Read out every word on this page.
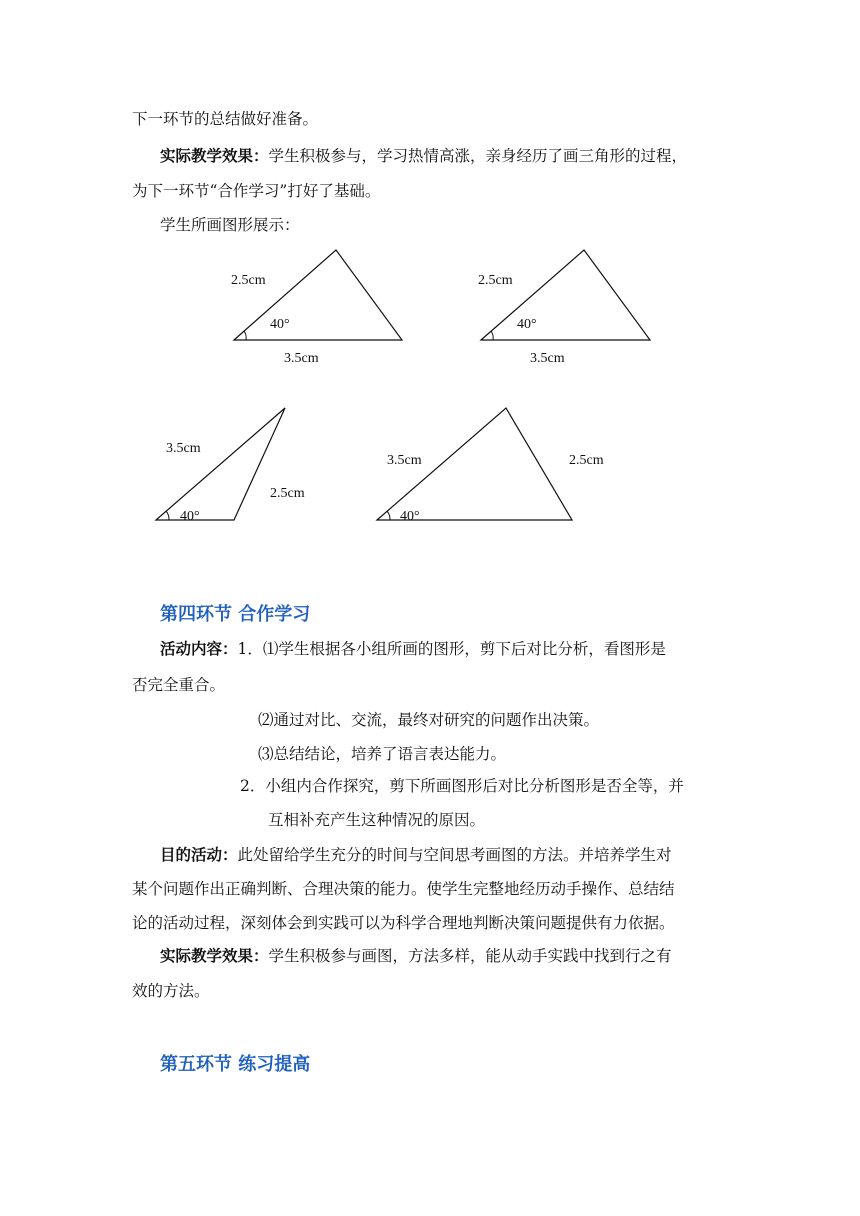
下一环节的总结做好准备。
实际教学效果：学生积极参与，学习热情高涨，亲身经历了画三角形的过程，
为下一环节“合作学习”打好了基础。
学生所画图形展示：
2.5cm
40°
3.5cm
2.5cm
40°
3.5cm
3.5cm
2.5cm
40°
3.5cm	2.5cm
40°
第四环节 合作学习
活动内容：1．⑴学生根据各小组所画的图形，剪下后对比分析，看图形是
否完全重合。
⑵通过对比、交流，最终对研究的问题作出决策。
⑶总结结论，培养了语言表达能力。
2．小组内合作探究，剪下所画图形后对比分析图形是否全等，并
互相补充产生这种情况的原因。
目的活动：此处留给学生充分的时间与空间思考画图的方法。并培养学生对
某个问题作出正确判断、合理决策的能力。使学生完整地经历动手操作、总结结
论的活动过程，深刻体会到实践可以为科学合理地判断决策问题提供有力依据。
实际教学效果：学生积极参与画图，方法多样，能从动手实践中找到行之有
效的方法。
第五环节 练习提高
